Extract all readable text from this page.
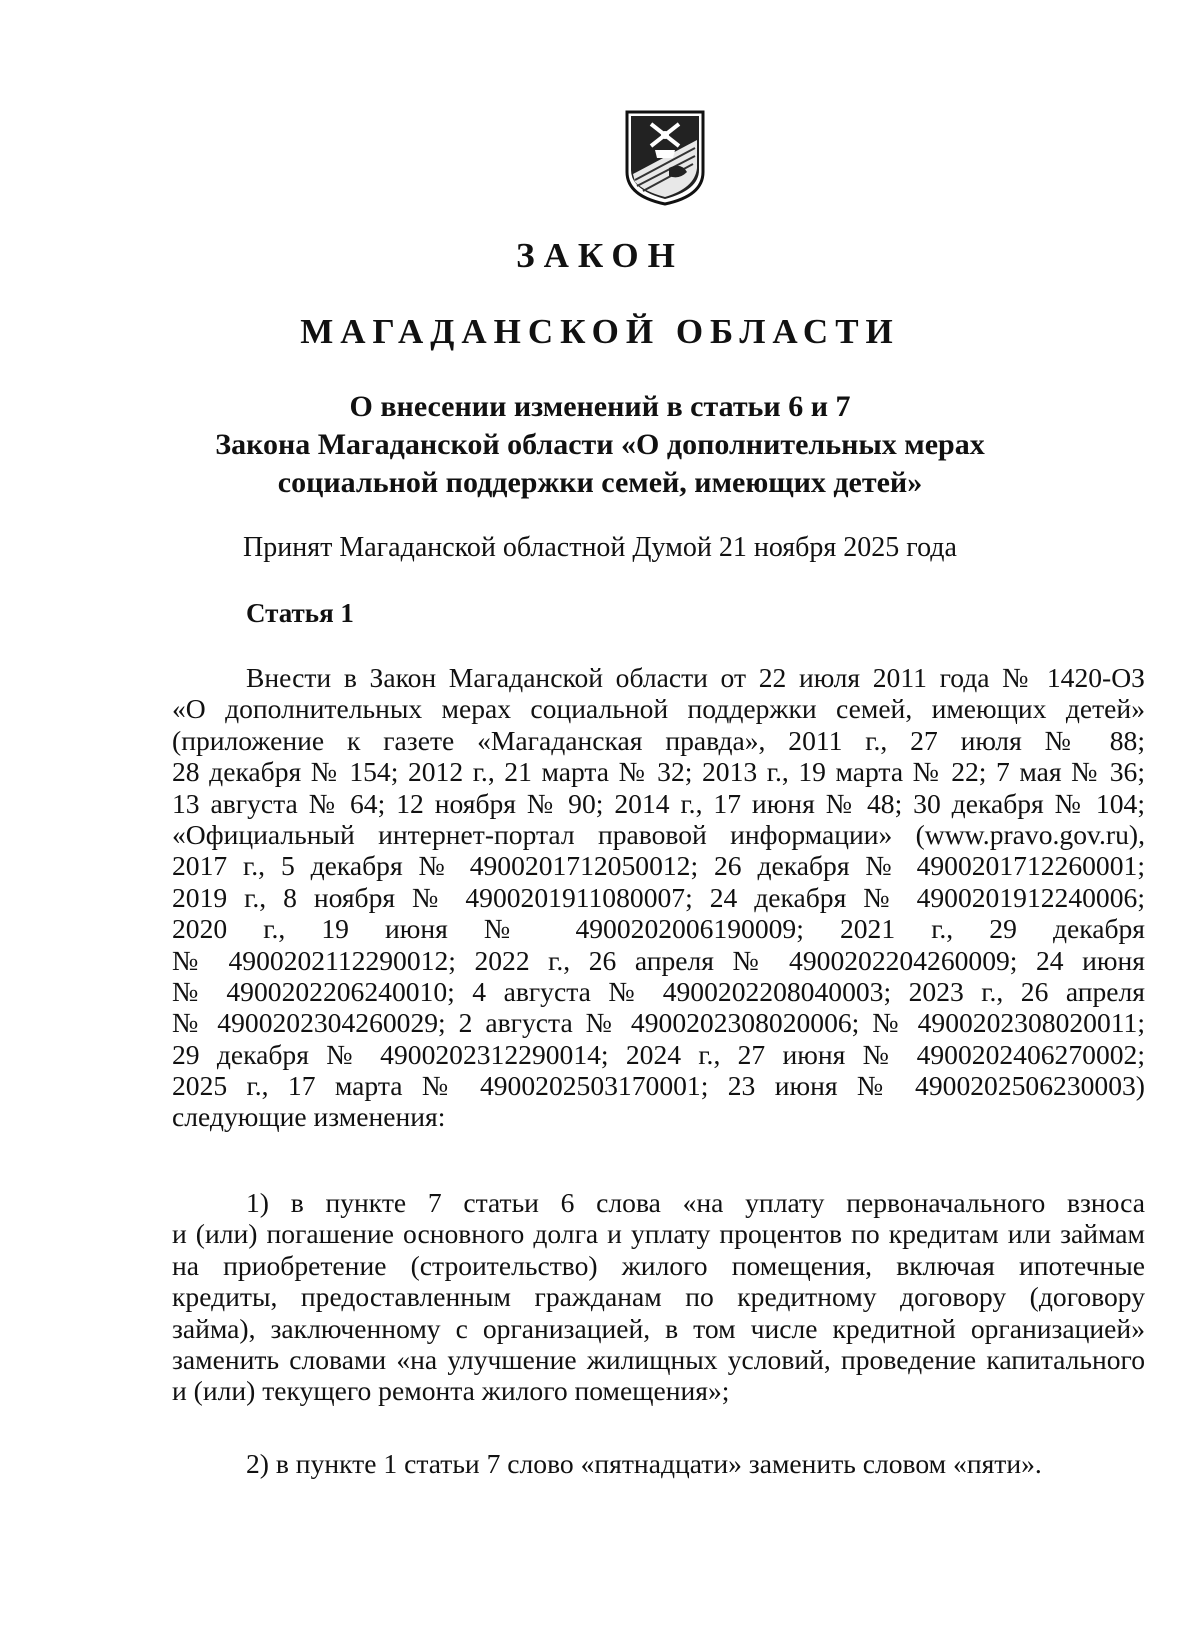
ЗАКОН
МАГАДАНСКОЙ ОБЛАСТИ
О внесении изменений в статьи 6 и 7
Закона Магаданской области «О дополнительных мерах
социальной поддержки семей, имеющих детей»
Принят Магаданской областной Думой 21 ноября 2025 года
Статья 1
Внести в Закон Магаданской области от 22 июля 2011 года № 1420-ОЗ
«О дополнительных мерах социальной поддержки семей, имеющих детей»
(приложение к газете «Магаданская правда», 2011 г., 27 июля № 88;
28 декабря № 154; 2012 г., 21 марта № 32; 2013 г., 19 марта № 22; 7 мая № 36;
13 августа № 64; 12 ноября № 90; 2014 г., 17 июня № 48; 30 декабря № 104;
«Официальный интернет-портал правовой информации» (www.pravo.gov.ru),
2017 г., 5 декабря № 4900201712050012; 26 декабря № 4900201712260001;
2019 г., 8 ноября № 4900201911080007; 24 декабря № 4900201912240006;
2020 г., 19 июня № 4900202006190009; 2021 г., 29 декабря
№ 4900202112290012; 2022 г., 26 апреля № 4900202204260009; 24 июня
№ 4900202206240010; 4 августа № 4900202208040003; 2023 г., 26 апреля
№ 4900202304260029; 2 августа № 4900202308020006; № 4900202308020011;
29 декабря № 4900202312290014; 2024 г., 27 июня № 4900202406270002;
2025 г., 17 марта № 4900202503170001; 23 июня № 4900202506230003)
следующие изменения:
1) в пункте 7 статьи 6 слова «на уплату первоначального взноса
и (или) погашение основного долга и уплату процентов по кредитам или займам
на приобретение (строительство) жилого помещения, включая ипотечные
кредиты, предоставленным гражданам по кредитному договору (договору
займа), заключенному с организацией, в том числе кредитной организацией»
заменить словами «на улучшение жилищных условий, проведение капитального
и (или) текущего ремонта жилого помещения»;
2) в пункте 1 статьи 7 слово «пятнадцати» заменить словом «пяти».
